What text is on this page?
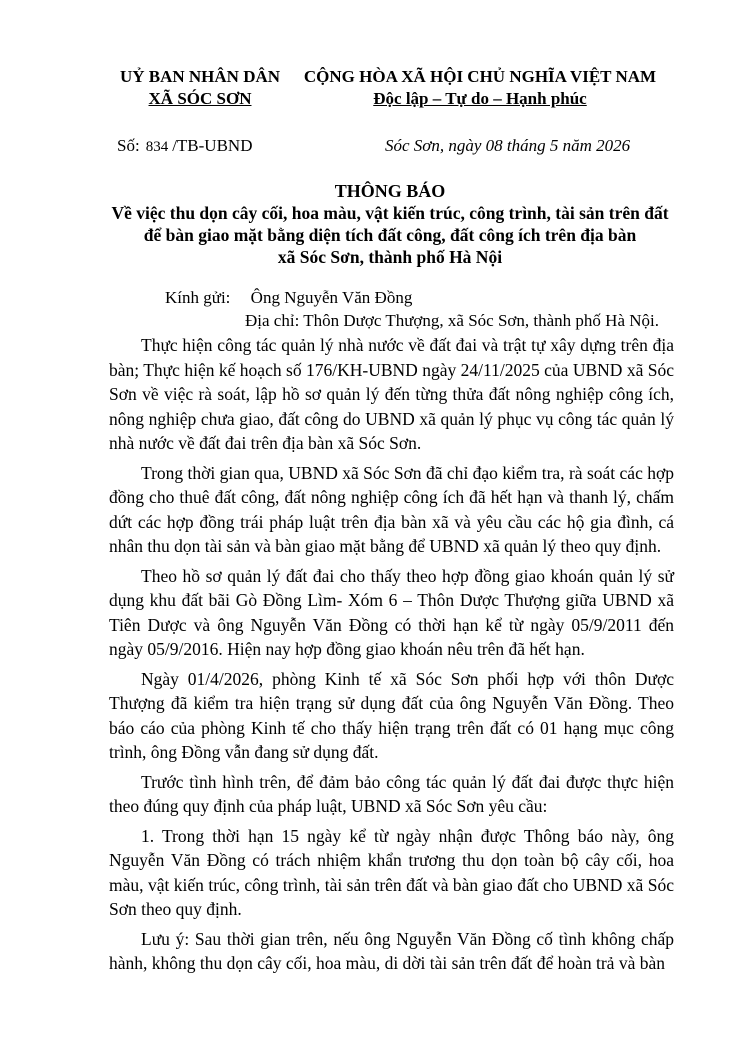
UỶ BAN NHÂN DÂN
XÃ SÓC SƠN
CỘNG HÒA XÃ HỘI CHỦ NGHĨA VIỆT NAM
Độc lập – Tự do – Hạnh phúc
Số: 834 /TB-UBND	Sóc Sơn, ngày 08 tháng 5 năm 2026
THÔNG BÁO
Về việc thu dọn cây cối, hoa màu, vật kiến trúc, công trình, tài sản trên đất
để bàn giao mặt bằng diện tích đất công, đất công ích trên địa bàn
xã Sóc Sơn, thành phố Hà Nội
Kính gửi: Ông Nguyễn Văn Đồng
Địa chỉ: Thôn Dược Thượng, xã Sóc Sơn, thành phố Hà Nội.

Thực hiện công tác quản lý nhà nước về đất đai và trật tự xây dựng trên địa bàn; Thực hiện kế hoạch số 176/KH-UBND ngày 24/11/2025 của UBND xã Sóc Sơn về việc rà soát, lập hồ sơ quản lý đến từng thửa đất nông nghiệp công ích, nông nghiệp chưa giao, đất công do UBND xã quản lý phục vụ công tác quản lý nhà nước về đất đai trên địa bàn xã Sóc Sơn.

Trong thời gian qua, UBND xã Sóc Sơn đã chỉ đạo kiểm tra, rà soát các hợp đồng cho thuê đất công, đất nông nghiệp công ích đã hết hạn và thanh lý, chấm dứt các hợp đồng trái pháp luật trên địa bàn xã và yêu cầu các hộ gia đình, cá nhân thu dọn tài sản và bàn giao mặt bằng để UBND xã quản lý theo quy định.

Theo hồ sơ quản lý đất đai cho thấy theo hợp đồng giao khoán quản lý sử dụng khu đất bãi Gò Đồng Lìm- Xóm 6 – Thôn Dược Thượng giữa UBND xã Tiên Dược và ông Nguyễn Văn Đồng có thời hạn kể từ ngày 05/9/2011 đến ngày 05/9/2016. Hiện nay hợp đồng giao khoán nêu trên đã hết hạn.

Ngày 01/4/2026, phòng Kinh tế xã Sóc Sơn phối hợp với thôn Dược Thượng đã kiểm tra hiện trạng sử dụng đất của ông Nguyễn Văn Đồng. Theo báo cáo của phòng Kinh tế cho thấy hiện trạng trên đất có 01 hạng mục công trình, ông Đồng vẫn đang sử dụng đất.

Trước tình hình trên, để đảm bảo công tác quản lý đất đai được thực hiện theo đúng quy định của pháp luật, UBND xã Sóc Sơn yêu cầu:

1. Trong thời hạn 15 ngày kể từ ngày nhận được Thông báo này, ông Nguyễn Văn Đồng có trách nhiệm khẩn trương thu dọn toàn bộ cây cối, hoa màu, vật kiến trúc, công trình, tài sản trên đất và bàn giao đất cho UBND xã Sóc Sơn theo quy định.

Lưu ý: Sau thời gian trên, nếu ông Nguyễn Văn Đồng cố tình không chấp hành, không thu dọn cây cối, hoa màu, di dời tài sản trên đất để hoàn trả và bàn
